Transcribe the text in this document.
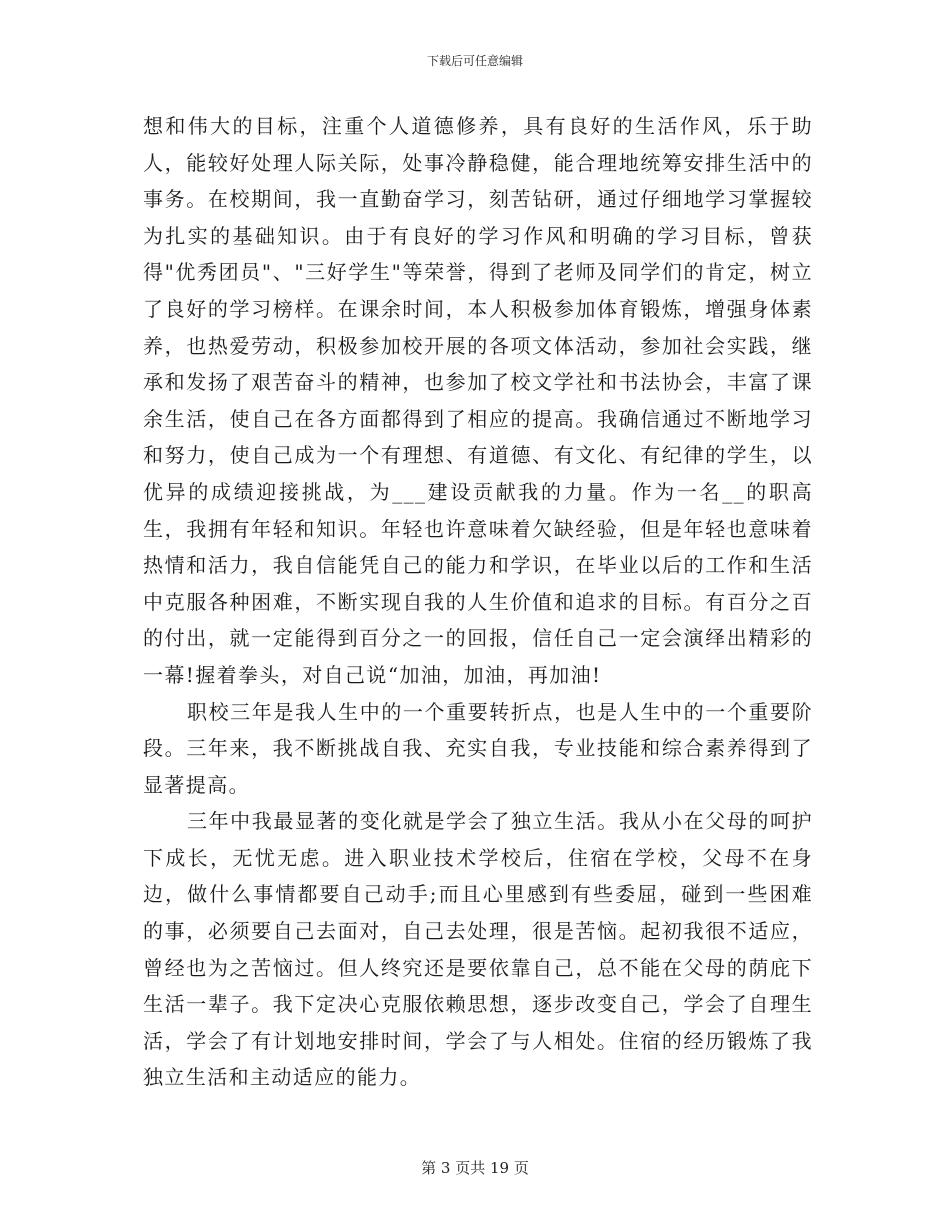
下载后可任意编辑

想和伟大的目标，注重个人道德修养，具有良好的生活作风，乐于助人，能较好处理人际关际，处事冷静稳健，能合理地统筹安排生活中的事务。在校期间，我一直勤奋学习，刻苦钻研，通过仔细地学习掌握较为扎实的基础知识。由于有良好的学习作风和明确的学习目标，曾获得"优秀团员"、"三好学生"等荣誉，得到了老师及同学们的肯定，树立了良好的学习榜样。在课余时间，本人积极参加体育锻炼，增强身体素养，也热爱劳动，积极参加校开展的各项文体活动，参加社会实践，继承和发扬了艰苦奋斗的精神，也参加了校文学社和书法协会，丰富了课余生活，使自己在各方面都得到了相应的提高。我确信通过不断地学习和努力，使自己成为一个有理想、有道德、有文化、有纪律的学生，以优异的成绩迎接挑战，为___建设贡献我的力量。作为一名__的职高生，我拥有年轻和知识。年轻也许意味着欠缺经验，但是年轻也意味着热情和活力，我自信能凭自己的能力和学识，在毕业以后的工作和生活中克服各种困难，不断实现自我的人生价值和追求的目标。有百分之百的付出，就一定能得到百分之一的回报，信任自己一定会演绎出精彩的一幕!握着拳头，对自己说“加油，加油，再加油!

职校三年是我人生中的一个重要转折点，也是人生中的一个重要阶段。三年来，我不断挑战自我、充实自我，专业技能和综合素养得到了显著提高。

三年中我最显著的变化就是学会了独立生活。我从小在父母的呵护下成长，无忧无虑。进入职业技术学校后，住宿在学校，父母不在身边，做什么事情都要自己动手;而且心里感到有些委屈，碰到一些困难的事，必须要自己去面对，自己去处理，很是苦恼。起初我很不适应，曾经也为之苦恼过。但人终究还是要依靠自己，总不能在父母的荫庇下生活一辈子。我下定决心克服依赖思想，逐步改变自己，学会了自理生活，学会了有计划地安排时间，学会了与人相处。住宿的经历锻炼了我独立生活和主动适应的能力。

第 3 页共 19 页
